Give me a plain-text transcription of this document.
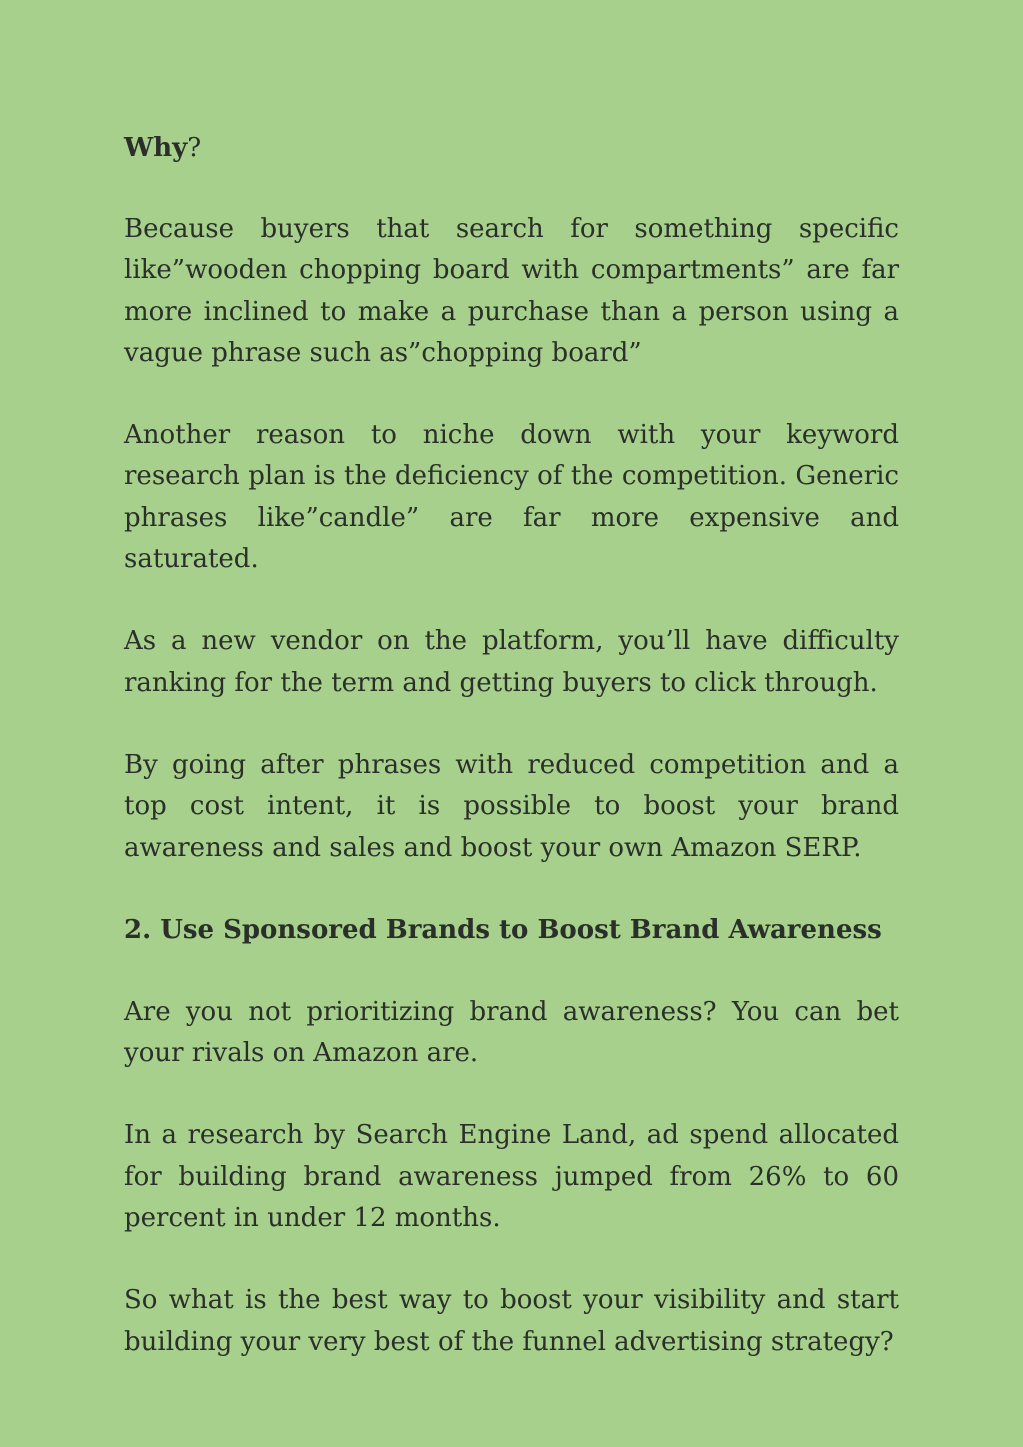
Why?

Because buyers that search for something specific like”wooden chopping board with compartments” are far more inclined to make a purchase than a person using a vague phrase such as”chopping board”

Another reason to niche down with your keyword research plan is the deficiency of the competition. Generic phrases like”candle” are far more expensive and saturated.

As a new vendor on the platform, you’ll have difficulty ranking for the term and getting buyers to click through.

By going after phrases with reduced competition and a top cost intent, it is possible to boost your brand awareness and sales and boost your own Amazon SERP.

2. Use Sponsored Brands to Boost Brand Awareness

Are you not prioritizing brand awareness? You can bet your rivals on Amazon are.

In a research by Search Engine Land, ad spend allocated for building brand awareness jumped from 26% to 60 percent in under 12 months.

So what is the best way to boost your visibility and start building your very best of the funnel advertising strategy?
